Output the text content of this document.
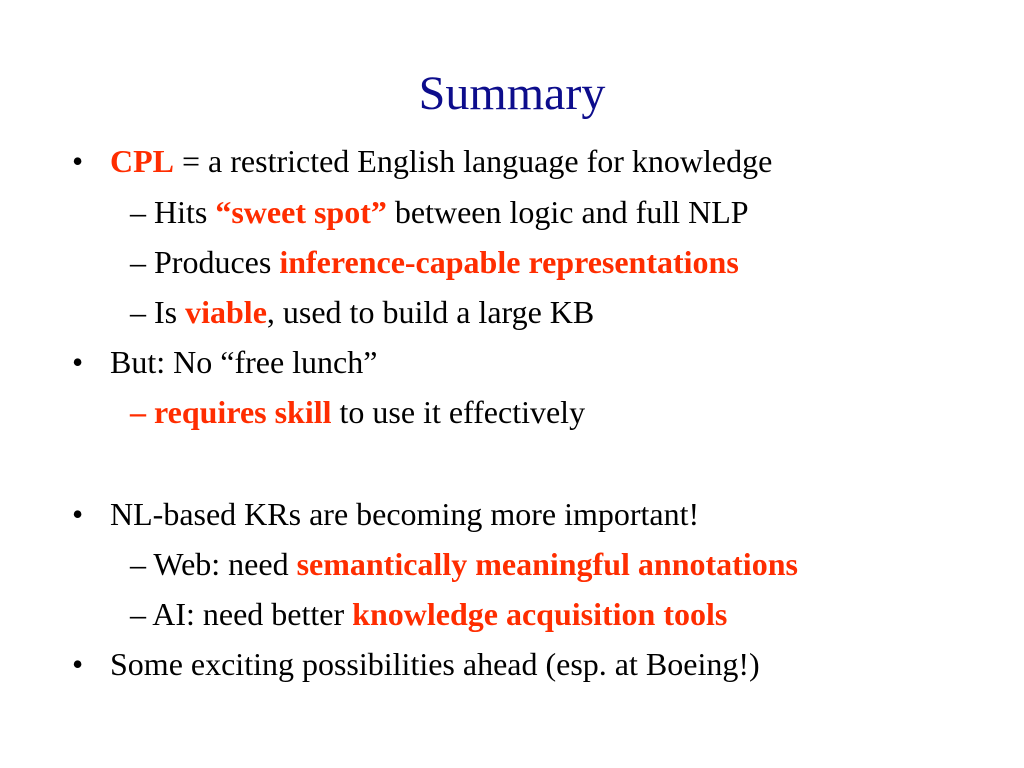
Summary
• CPL = a restricted English language for knowledge
– Hits “sweet spot” between logic and full NLP
– Produces inference-capable representations
– Is viable, used to build a large KB
• But: No “free lunch”
– requires skill to use it effectively
• NL-based KRs are becoming more important!
– Web: need semantically meaningful annotations
– AI: need better knowledge acquisition tools
• Some exciting possibilities ahead (esp. at Boeing!)
